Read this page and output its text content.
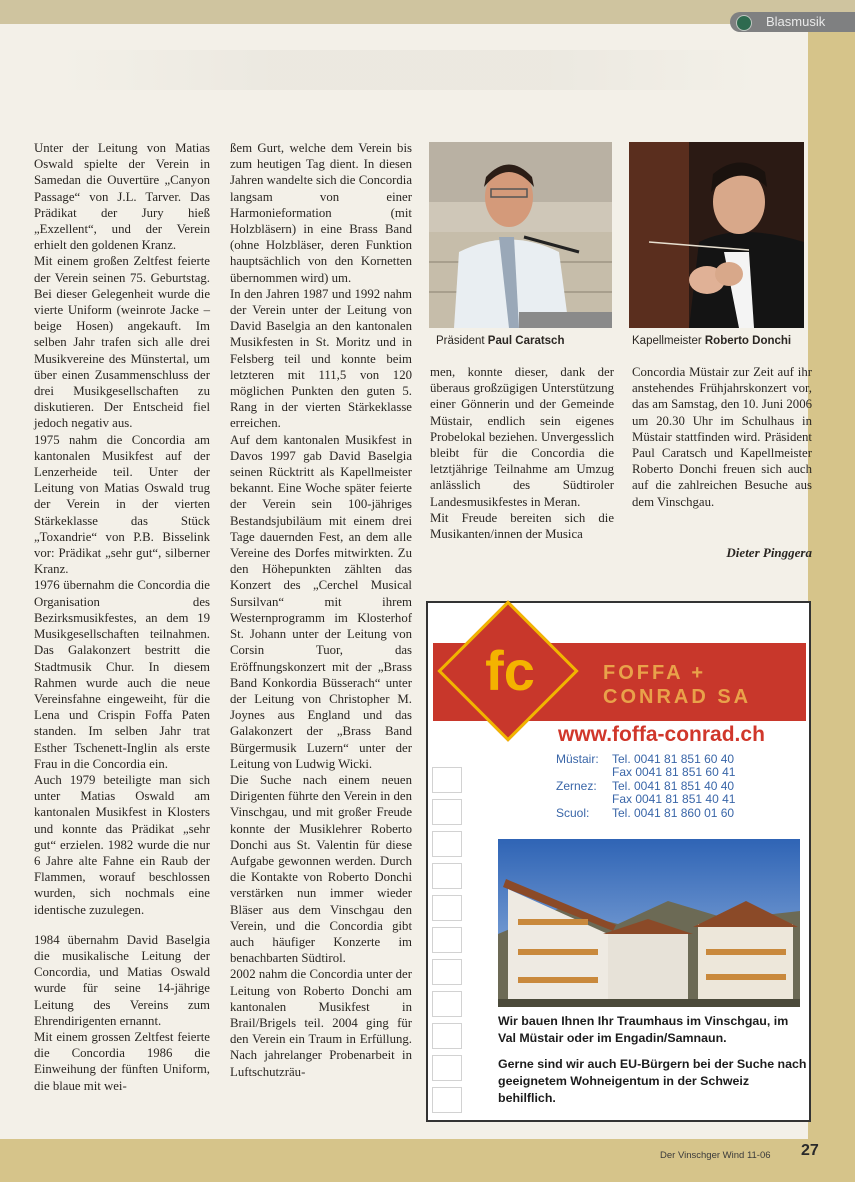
Blasmusik

Unter der Leitung von Matias Oswald spielte der Verein in Samedan die Ouvertüre „Canyon Passage“ von J.L. Tarver. Das Prädikat der Jury hieß „Exzellent“, und der Verein erhielt den goldenen Kranz.

Mit einem großen Zeltfest feierte der Verein seinen 75. Geburtstag. Bei dieser Gelegenheit wurde die vierte Uniform (weinrote Jacke – beige Hosen) angekauft. Im selben Jahr trafen sich alle drei Musikvereine des Münstertal, um über einen Zusammenschluss der drei Musikgesellschaften zu diskutieren. Der Entscheid fiel jedoch negativ aus.

1975 nahm die Concordia am kantonalen Musikfest auf der Lenzerheide teil. Unter der Leitung von Matias Oswald trug der Verein in der vierten Stärkeklasse das Stück „Toxandrie“ von P.B. Bisselink vor: Prädikat „sehr gut“, silberner Kranz.

1976 übernahm die Concordia die Organisation des Bezirksmusikfestes, an dem 19 Musikgesellschaften teilnahmen. Das Galakonzert bestritt die Stadtmusik Chur. In diesem Rahmen wurde auch die neue Vereinsfahne eingeweiht, für die Lena und Crispin Foffa Paten standen. Im selben Jahr trat Esther Tschenett-Inglin als erste Frau in die Concordia ein.

Auch 1979 beteiligte man sich unter Matias Oswald am kantonalen Musikfest in Klosters und konnte das Prädikat „sehr gut“ erzielen. 1982 wurde die nur 6 Jahre alte Fahne ein Raub der Flammen, worauf beschlossen wurden, sich nochmals eine identische zuzulegen.

1984 übernahm David Baselgia die musikalische Leitung der Concordia, und Matias Oswald wurde für seine 14-jährige Leitung des Vereins zum Ehrendirigenten ernannt.

Mit einem grossen Zeltfest feierte die Concordia 1986 die Einweihung der fünften Uniform, die blaue mit wei-

ßem Gurt, welche dem Verein bis zum heutigen Tag dient. In diesen Jahren wandelte sich die Concordia langsam von einer Harmonieformation (mit Holzbläsern) in eine Brass Band (ohne Holzbläser, deren Funktion hauptsächlich von den Kornetten übernommen wird) um.

In den Jahren 1987 und 1992 nahm der Verein unter der Leitung von David Baselgia an den kantonalen Musikfesten in St. Moritz und in Felsberg teil und konnte beim letzteren mit 111,5 von 120 möglichen Punkten den guten 5. Rang in der vierten Stärkeklasse erreichen.

Auf dem kantonalen Musikfest in Davos 1997 gab David Baselgia seinen Rücktritt als Kapellmeister bekannt. Eine Woche später feierte der Verein sein 100-jähriges Bestandsjubiläum mit einem drei Tage dauernden Fest, an dem alle Vereine des Dorfes mitwirkten. Zu den Höhepunkten zählten das Konzert des „Cerchel Musical Sursilvan“ mit ihrem Westernprogramm im Klosterhof St. Johann unter der Leitung von Corsin Tuor, das Eröffnungskonzert mit der „Brass Band Konkordia Büsserach“ unter der Leitung von Christopher M. Joynes aus England und das Galakonzert der „Brass Band Bürgermusik Luzern“ unter der Leitung von Ludwig Wicki.

Die Suche nach einem neuen Dirigenten führte den Verein in den Vinschgau, und mit großer Freude konnte der Musiklehrer Roberto Donchi aus St. Valentin für diese Aufgabe gewonnen werden. Durch die Kontakte von Roberto Donchi verstärken nun immer wieder Bläser aus dem Vinschgau den Verein, und die Concordia gibt auch häufiger Konzerte im benachbarten Südtirol.

2002 nahm die Concordia unter der Leitung von Roberto Donchi am kantonalen Musikfest in Brail/Brigels teil. 2004 ging für den Verein ein Traum in Erfüllung. Nach jahrelanger Probenarbeit in Luftschutzräu-

Präsident Paul Caratsch	Kapellmeister Roberto Donchi

men, konnte dieser, dank der überaus großzügigen Unterstützung einer Gönnerin und der Gemeinde Müstair, endlich sein eigenes Probelokal beziehen. Unvergesslich bleibt für die Concordia die letztjährige Teilnahme am Umzug anlässlich des Südtiroler Landesmusikfestes in Meran.

Mit Freude bereiten sich die Musikanten/innen der Musica

Concordia Müstair zur Zeit auf ihr anstehendes Frühjahrskonzert vor, das am Samstag, den 10. Juni 2006 um 20.30 Uhr im Schulhaus in Müstair stattfinden wird. Präsident Paul Caratsch und Kapellmeister Roberto Donchi freuen sich auch auf die zahlreichen Besuche aus dem Vinschgau.

Dieter Pinggera
fc	FOFFA +
CONRAD SA
www.foffa-conrad.ch
Müstair:	Tel. 0041 81 851 60 40
Fax 0041 81 851 60 41
Zernez:	Tel. 0041 81 851 40 40
Fax 0041 81 851 40 41
Scuol:	Tel. 0041 81 860 01 60

Wir bauen Ihnen Ihr Traumhaus im Vinschgau, im Val Müstair oder im Engadin/Samnaun.

Gerne sind wir auch EU-Bürgern bei der Suche nach geeignetem Wohneigentum in der Schweiz behilflich.

Der Vinschger Wind 11-06 27
